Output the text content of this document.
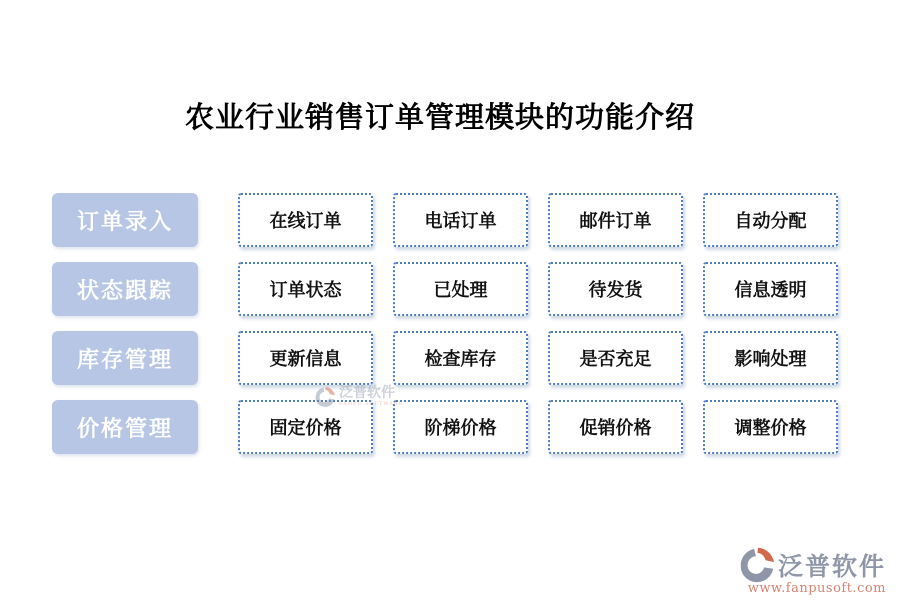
农业行业销售订单管理模块的功能介绍
订单录入	在线订单	电话订单	邮件订单	自动分配
状态跟踪	订单状态	已处理	待发货	信息透明
库存管理	更新信息	检查库存	是否充足	影响处理
价格管理	固定价格	阶梯价格	促销价格	调整价格
泛普软件
FANPU SOFTWARE
泛普软件
www.fanpusoft.com
